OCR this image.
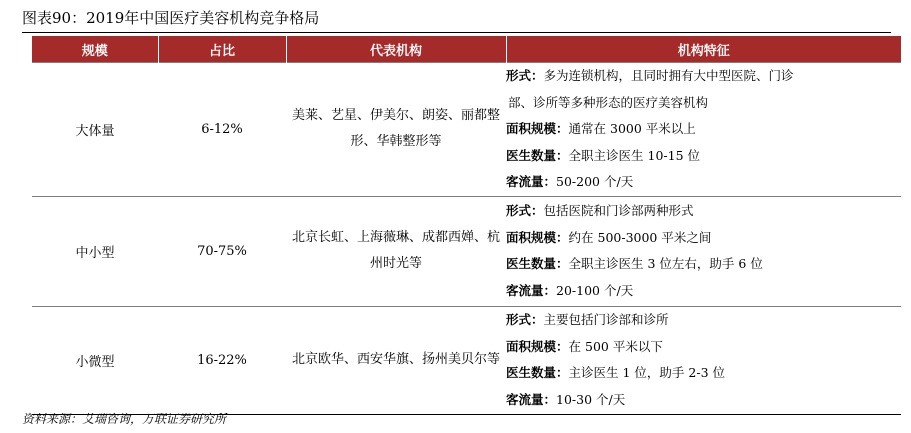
图表90：2019年中国医疗美容机构竞争格局
规模	占比	代表机构	机构特征
大体量	6-12%	美莱、艺星、伊美尔、朗姿、丽都整形、华韩整形等	形式：多为连锁机构，且同时拥有大中型医院、门诊
部、诊所等多种形态的医疗美容机构
面积规模：通常在 3000 平米以上
医生数量：全职主诊医生 10-15 位
客流量：50-200 个/天

中小型	70-75%	北京长虹、上海薇琳、成都西婵、杭州时光等	形式：包括医院和门诊部两种形式
面积规模：约在 500-3000 平米之间
医生数量：全职主诊医生 3 位左右，助手 6 位
客流量：20-100 个/天

小微型	16-22%	北京欧华、西安华旗、扬州美贝尔等	形式：主要包括门诊部和诊所
面积规模：在 500 平米以下
医生数量：主诊医生 1 位，助手 2-3 位
客流量：10-30 个/天
资料来源：艾瑞咨询，万联证券研究所
